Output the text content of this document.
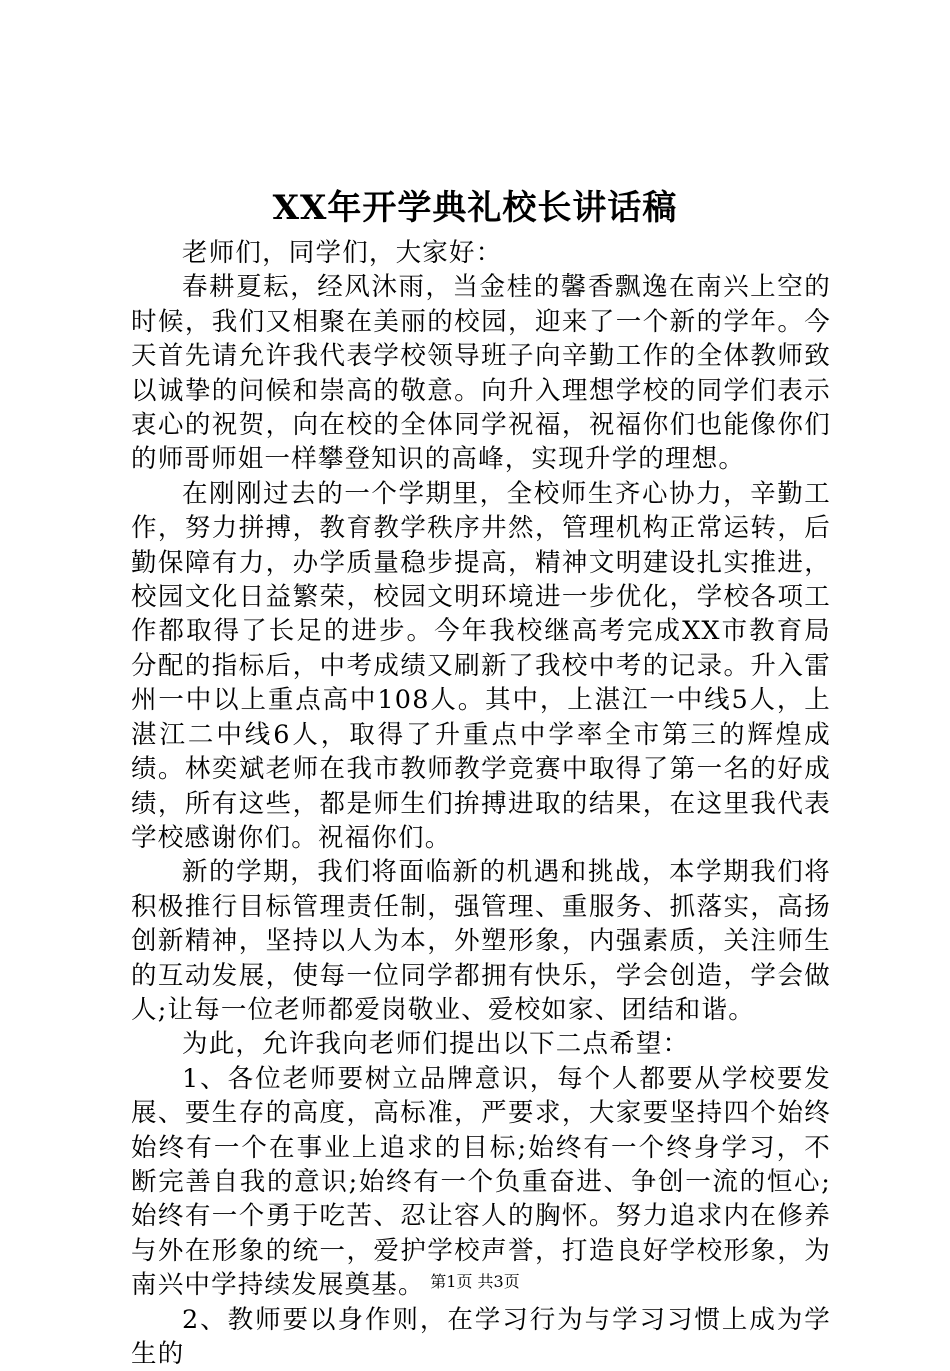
XX年开学典礼校长讲话稿

老师们，同学们，大家好：

春耕夏耘，经风沐雨，当金桂的馨香飘逸在南兴上空的时候，我们又相聚在美丽的校园，迎来了一个新的学年。今天首先请允许我代表学校领导班子向辛勤工作的全体教师致以诚挚的问候和崇高的敬意。向升入理想学校的同学们表示衷心的祝贺，向在校的全体同学祝福，祝福你们也能像你们的师哥师姐一样攀登知识的高峰，实现升学的理想。

在刚刚过去的一个学期里，全校师生齐心协力，辛勤工作，努力拼搏，教育教学秩序井然，管理机构正常运转，后勤保障有力，办学质量稳步提高，精神文明建设扎实推进，校园文化日益繁荣，校园文明环境进一步优化，学校各项工作都取得了长足的进步。今年我校继高考完成XX市教育局分配的指标后，中考成绩又刷新了我校中考的记录。升入雷州一中以上重点高中108人。其中，上湛江一中线5人，上湛江二中线6人，取得了升重点中学率全市第三的辉煌成绩。林奕斌老师在我市教师教学竞赛中取得了第一名的好成绩，所有这些，都是师生们拚搏进取的结果，在这里我代表学校感谢你们。祝福你们。

新的学期，我们将面临新的机遇和挑战，本学期我们将积极推行目标管理责任制，强管理、重服务、抓落实，高扬创新精神，坚持以人为本，外塑形象，内强素质，关注师生的互动发展，使每一位同学都拥有快乐，学会创造，学会做人;让每一位老师都爱岗敬业、爱校如家、团结和谐。

为此，允许我向老师们提出以下二点希望：

1、各位老师要树立品牌意识，每个人都要从学校要发展、要生存的高度，高标准，严要求，大家要坚持四个始终始终有一个在事业上追求的目标;始终有一个终身学习，不断完善自我的意识;始终有一个负重奋进、争创一流的恒心;始终有一个勇于吃苦、忍让容人的胸怀。努力追求内在修养与外在形象的统一，爱护学校声誉，打造良好学校形象，为南兴中学持续发展奠基。

2、教师要以身作则，在学习行为与学习习惯上成为学生的

第1页 共3页
